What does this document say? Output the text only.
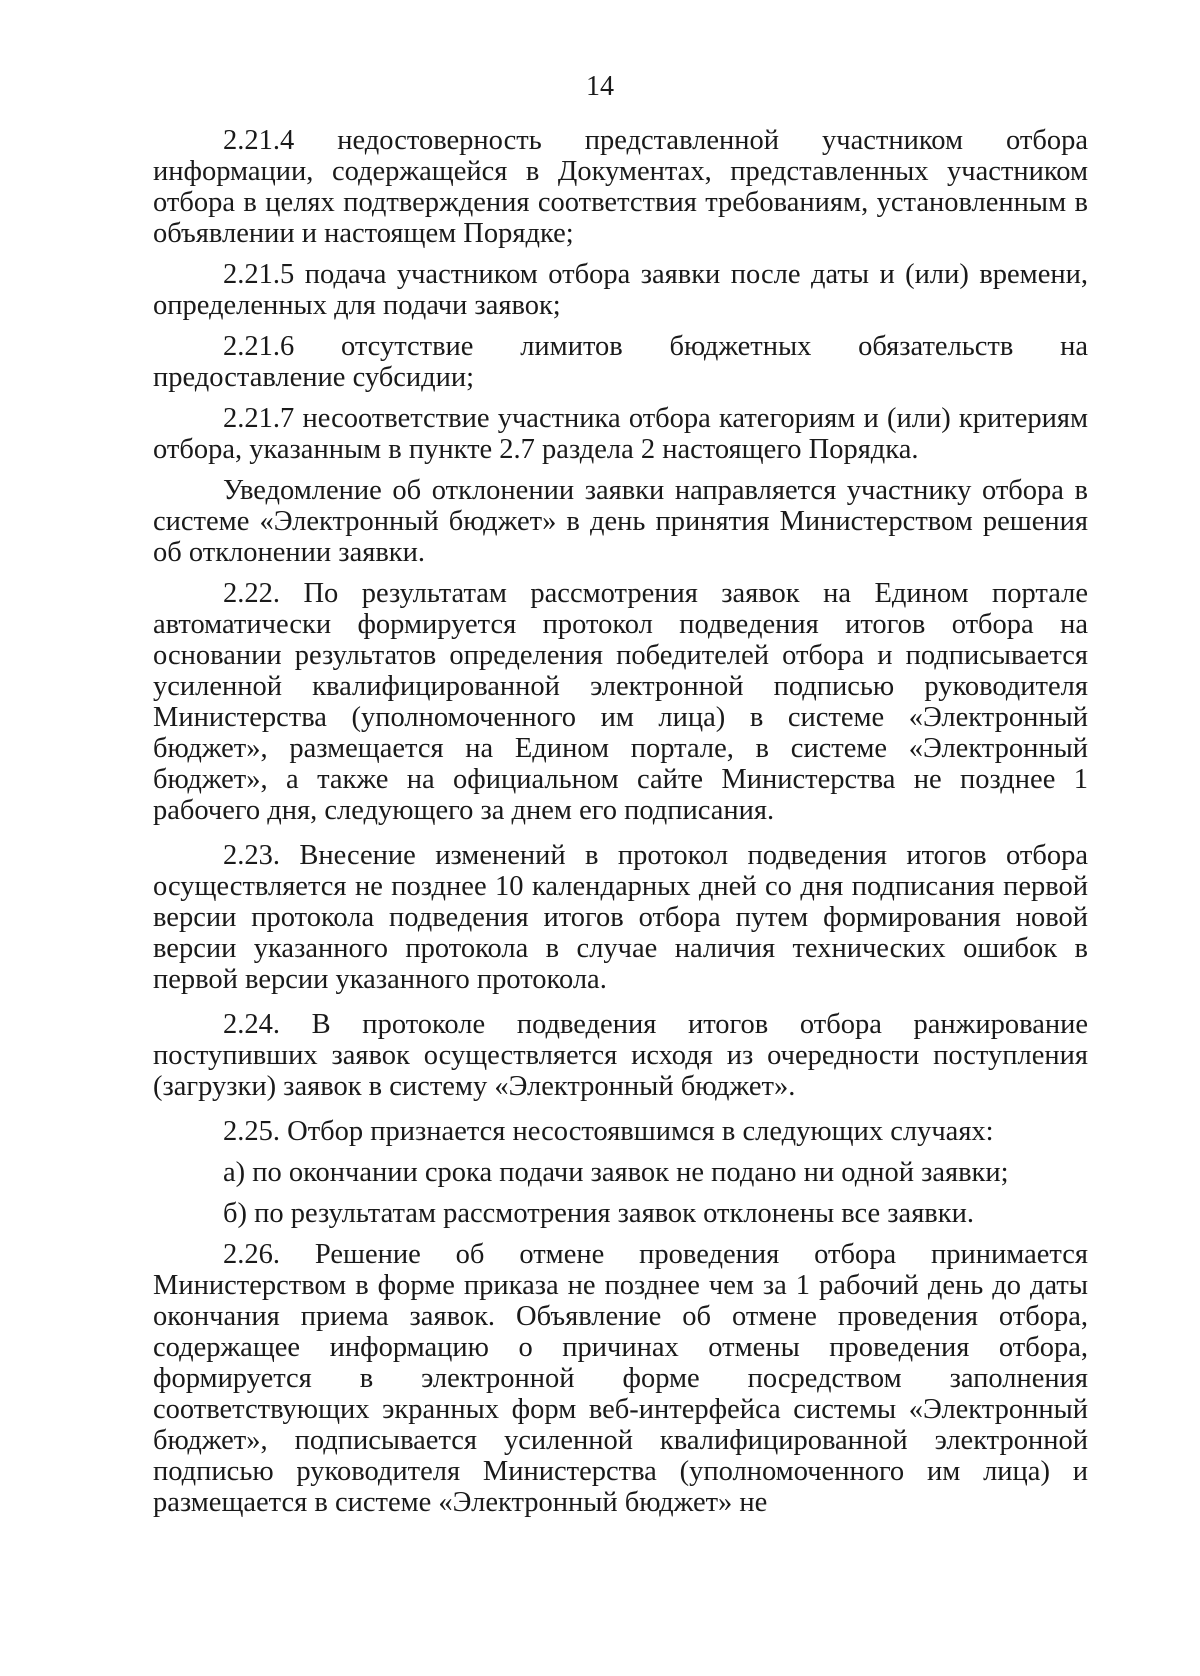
14

2.21.4 недостоверность представленной участником отбора информации, содержащейся в Документах, представленных участником отбора в целях подтверждения соответствия требованиям, установленным в объявлении и настоящем Порядке;

2.21.5 подача участником отбора заявки после даты и (или) времени, определенных для подачи заявок;

2.21.6 отсутствие лимитов бюджетных обязательств на предоставление субсидии;

2.21.7 несоответствие участника отбора категориям и (или) критериям отбора, указанным в пункте 2.7 раздела 2 настоящего Порядка.

Уведомление об отклонении заявки направляется участнику отбора в системе «Электронный бюджет» в день принятия Министерством решения об отклонении заявки.

2.22. По результатам рассмотрения заявок на Едином портале автоматически формируется протокол подведения итогов отбора на основании результатов определения победителей отбора и подписывается усиленной квалифицированной электронной подписью руководителя Министерства (уполномоченного им лица) в системе «Электронный бюджет», размещается на Едином портале, в системе «Электронный бюджет», а также на официальном сайте Министерства не позднее 1 рабочего дня, следующего за днем его подписания.

2.23. Внесение изменений в протокол подведения итогов отбора осуществляется не позднее 10 календарных дней со дня подписания первой версии протокола подведения итогов отбора путем формирования новой версии указанного протокола в случае наличия технических ошибок в первой версии указанного протокола.

2.24. В протоколе подведения итогов отбора ранжирование поступивших заявок осуществляется исходя из очередности поступления (загрузки) заявок в систему «Электронный бюджет».

2.25. Отбор признается несостоявшимся в следующих случаях:

а) по окончании срока подачи заявок не подано ни одной заявки;

б) по результатам рассмотрения заявок отклонены все заявки.

2.26. Решение об отмене проведения отбора принимается Министерством в форме приказа не позднее чем за 1 рабочий день до даты окончания приема заявок. Объявление об отмене проведения отбора, содержащее информацию о причинах отмены проведения отбора, формируется в электронной форме посредством заполнения соответствующих экранных форм веб-интерфейса системы «Электронный бюджет», подписывается усиленной квалифицированной электронной подписью руководителя Министерства (уполномоченного им лица) и размещается в системе «Электронный бюджет» не
